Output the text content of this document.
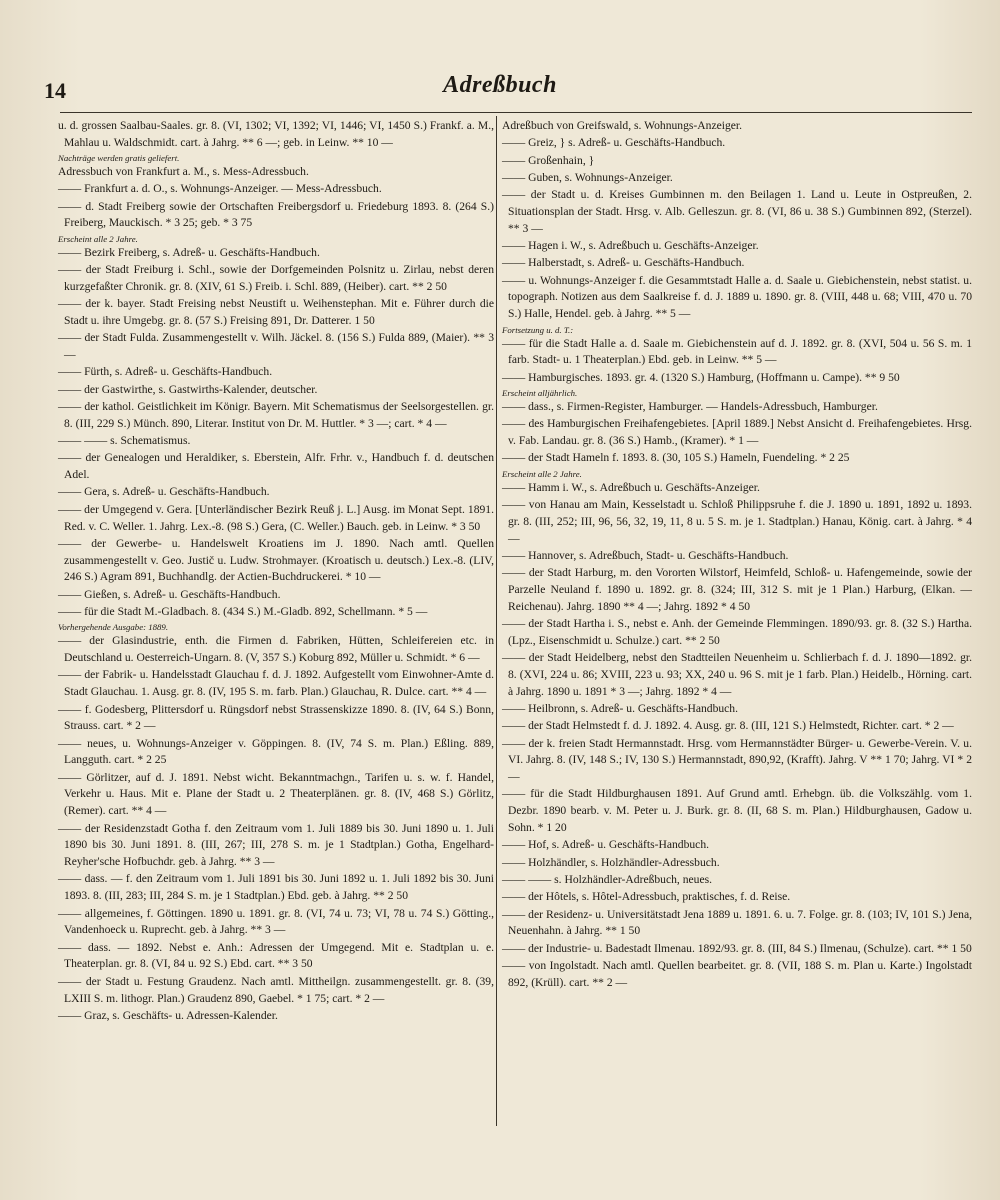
14	Adreßbuch

u. d. grossen Saalbau-Saales. gr. 8. (VI, 1302; VI, 1392; VI, 1446; VI, 1450 S.) Frankf. a. M., Mahlau u. Waldschmidt. cart. à Jahrg. ** 6 —; geb. in Leinw. ** 10 —

Nachträge werden gratis geliefert.

Adressbuch von Frankfurt a. M., s. Mess-Adressbuch.

—— Frankfurt a. d. O., s. Wohnungs-Anzeiger. — Mess-Adressbuch.

—— d. Stadt Freiberg sowie der Ortschaften Freibergsdorf u. Friedeburg 1893. 8. (264 S.) Freiberg, Mauckisch. * 3 25; geb. * 3 75

Erscheint alle 2 Jahre.

—— Bezirk Freiberg, s. Adreß- u. Geschäfts-Handbuch.

—— der Stadt Freiburg i. Schl., sowie der Dorfgemeinden Polsnitz u. Zirlau, nebst deren kurzgefaßter Chronik. gr. 8. (XIV, 61 S.) Freib. i. Schl. 889, (Heiber). cart. ** 2 50

—— der k. bayer. Stadt Freising nebst Neustift u. Weihenstephan. Mit e. Führer durch die Stadt u. ihre Umgebg. gr. 8. (57 S.) Freising 891, Dr. Datterer. 1 50

—— der Stadt Fulda. Zusammengestellt v. Wilh. Jäckel. 8. (156 S.) Fulda 889, (Maier). ** 3 —

—— Fürth, s. Adreß- u. Geschäfts-Handbuch.

—— der Gastwirthe, s. Gastwirths-Kalender, deutscher.

—— der kathol. Geistlichkeit im Königr. Bayern. Mit Schematismus der Seelsorgestellen. gr. 8. (III, 229 S.) Münch. 890, Literar. Institut von Dr. M. Huttler. * 3 —; cart. * 4 —

—— —— s. Schematismus.

—— der Genealogen und Heraldiker, s. Eberstein, Alfr. Frhr. v., Handbuch f. d. deutschen Adel.

—— Gera, s. Adreß- u. Geschäfts-Handbuch.

—— der Umgegend v. Gera. [Unterländischer Bezirk Reuß j. L.] Ausg. im Monat Sept. 1891. Red. v. C. Weller. 1. Jahrg. Lex.-8. (98 S.) Gera, (C. Weller.) Bauch. geb. in Leinw. * 3 50

—— der Gewerbe- u. Handelswelt Kroatiens im J. 1890. Nach amtl. Quellen zusammengestellt v. Geo. Justič u. Ludw. Strohmayer. (Kroatisch u. deutsch.) Lex.-8. (LIV, 246 S.) Agram 891, Buchhandlg. der Actien-Buchdruckerei. * 10 —

—— Gießen, s. Adreß- u. Geschäfts-Handbuch.

—— für die Stadt M.-Gladbach. 8. (434 S.) M.-Gladb. 892, Schellmann. * 5 —

Vorhergehende Ausgabe: 1889.

—— der Glasindustrie, enth. die Firmen d. Fabriken, Hütten, Schleifereien etc. in Deutschland u. Oesterreich-Ungarn. 8. (V, 357 S.) Koburg 892, Müller u. Schmidt. * 6 —

—— der Fabrik- u. Handelsstadt Glauchau f. d. J. 1892. Aufgestellt vom Einwohner-Amte d. Stadt Glauchau. 1. Ausg. gr. 8. (IV, 195 S. m. farb. Plan.) Glauchau, R. Dulce. cart. ** 4 —

—— f. Godesberg, Plittersdorf u. Rüngsdorf nebst Strassenskizze 1890. 8. (IV, 64 S.) Bonn, Strauss. cart. * 2 —

—— neues, u. Wohnungs-Anzeiger v. Göppingen. 8. (IV, 74 S. m. Plan.) Eßling. 889, Langguth. cart. * 2 25

—— Görlitzer, auf d. J. 1891. Nebst wicht. Bekanntmachgn., Tarifen u. s. w. f. Handel, Verkehr u. Haus. Mit e. Plane der Stadt u. 2 Theaterplänen. gr. 8. (IV, 468 S.) Görlitz, (Remer). cart. ** 4 —

—— der Residenzstadt Gotha f. den Zeitraum vom 1. Juli 1889 bis 30. Juni 1890 u. 1. Juli 1890 bis 30. Juni 1891. 8. (III, 267; III, 278 S. m. je 1 Stadtplan.) Gotha, Engelhard-Reyher'sche Hofbuchdr. geb. à Jahrg. ** 3 —

—— dass. — f. den Zeitraum vom 1. Juli 1891 bis 30. Juni 1892 u. 1. Juli 1892 bis 30. Juni 1893. 8. (III, 283; III, 284 S. m. je 1 Stadtplan.) Ebd. geb. à Jahrg. ** 2 50

—— allgemeines, f. Göttingen. 1890 u. 1891. gr. 8. (VI, 74 u. 73; VI, 78 u. 74 S.) Götting., Vandenhoeck u. Ruprecht. geb. à Jahrg. ** 3 —

—— dass. — 1892. Nebst e. Anh.: Adressen der Umgegend. Mit e. Stadtplan u. e. Theaterplan. gr. 8. (VI, 84 u. 92 S.) Ebd. cart. ** 3 50

—— der Stadt u. Festung Graudenz. Nach amtl. Mittheilgn. zusammengestellt. gr. 8. (39, LXIII S. m. lithogr. Plan.) Graudenz 890, Gaebel. * 1 75; cart. * 2 —

—— Graz, s. Geschäfts- u. Adressen-Kalender.

Adreßbuch von Greifswald, s. Wohnungs-Anzeiger.

—— Greiz, } s. Adreß- u. Geschäfts-Handbuch.

—— Großenhain, }

—— Guben, s. Wohnungs-Anzeiger.

—— der Stadt u. d. Kreises Gumbinnen m. den Beilagen 1. Land u. Leute in Ostpreußen, 2. Situationsplan der Stadt. Hrsg. v. Alb. Gelleszun. gr. 8. (VI, 86 u. 38 S.) Gumbinnen 892, (Sterzel). ** 3 —

—— Hagen i. W., s. Adreßbuch u. Geschäfts-Anzeiger.

—— Halberstadt, s. Adreß- u. Geschäfts-Handbuch.

—— u. Wohnungs-Anzeiger f. die Gesammtstadt Halle a. d. Saale u. Giebichenstein, nebst statist. u. topograph. Notizen aus dem Saalkreise f. d. J. 1889 u. 1890. gr. 8. (VIII, 448 u. 68; VIII, 470 u. 70 S.) Halle, Hendel. geb. à Jahrg. ** 5 —

Fortsetzung u. d. T.:

—— für die Stadt Halle a. d. Saale m. Giebichenstein auf d. J. 1892. gr. 8. (XVI, 504 u. 56 S. m. 1 farb. Stadt- u. 1 Theaterplan.) Ebd. geb. in Leinw. ** 5 —

—— Hamburgisches. 1893. gr. 4. (1320 S.) Hamburg, (Hoffmann u. Campe). ** 9 50

Erscheint alljährlich.

—— dass., s. Firmen-Register, Hamburger. — Handels-Adressbuch, Hamburger.

—— des Hamburgischen Freihafengebietes. [April 1889.] Nebst Ansicht d. Freihafengebietes. Hrsg. v. Fab. Landau. gr. 8. (36 S.) Hamb., (Kramer). * 1 —

—— der Stadt Hameln f. 1893. 8. (30, 105 S.) Hameln, Fuendeling. * 2 25

Erscheint alle 2 Jahre.

—— Hamm i. W., s. Adreßbuch u. Geschäfts-Anzeiger.

—— von Hanau am Main, Kesselstadt u. Schloß Philippsruhe f. die J. 1890 u. 1891, 1892 u. 1893. gr. 8. (III, 252; III, 96, 56, 32, 19, 11, 8 u. 5 S. m. je 1. Stadtplan.) Hanau, König. cart. à Jahrg. * 4 —

—— Hannover, s. Adreßbuch, Stadt- u. Geschäfts-Handbuch.

—— der Stadt Harburg, m. den Vororten Wilstorf, Heimfeld, Schloß- u. Hafengemeinde, sowie der Parzelle Neuland f. 1890 u. 1892. gr. 8. (324; III, 312 S. mit je 1 Plan.) Harburg, (Elkan. — Reichenau). Jahrg. 1890 ** 4 —; Jahrg. 1892 * 4 50

—— der Stadt Hartha i. S., nebst e. Anh. der Gemeinde Flemmingen. 1890/93. gr. 8. (32 S.) Hartha. (Lpz., Eisenschmidt u. Schulze.) cart. ** 2 50

—— der Stadt Heidelberg, nebst den Stadtteilen Neuenheim u. Schlierbach f. d. J. 1890—1892. gr. 8. (XVI, 224 u. 86; XVIII, 223 u. 93; XX, 240 u. 96 S. mit je 1 farb. Plan.) Heidelb., Hörning. cart. à Jahrg. 1890 u. 1891 * 3 —; Jahrg. 1892 * 4 —

—— Heilbronn, s. Adreß- u. Geschäfts-Handbuch.

—— der Stadt Helmstedt f. d. J. 1892. 4. Ausg. gr. 8. (III, 121 S.) Helmstedt, Richter. cart. * 2 —

—— der k. freien Stadt Hermannstadt. Hrsg. vom Hermannstädter Bürger- u. Gewerbe-Verein. V. u. VI. Jahrg. 8. (IV, 148 S.; IV, 130 S.) Hermannstadt, 890,92, (Krafft). Jahrg. V ** 1 70; Jahrg. VI * 2 —

—— für die Stadt Hildburghausen 1891. Auf Grund amtl. Erhebgn. üb. die Volkszählg. vom 1. Dezbr. 1890 bearb. v. M. Peter u. J. Burk. gr. 8. (II, 68 S. m. Plan.) Hildburghausen, Gadow u. Sohn. * 1 20

—— Hof, s. Adreß- u. Geschäfts-Handbuch.

—— Holzhändler, s. Holzhändler-Adressbuch.

—— —— s. Holzhändler-Adreßbuch, neues.

—— der Hôtels, s. Hôtel-Adressbuch, praktisches, f. d. Reise.

—— der Residenz- u. Universitätstadt Jena 1889 u. 1891. 6. u. 7. Folge. gr. 8. (103; IV, 101 S.) Jena, Neuenhahn. à Jahrg. ** 1 50

—— der Industrie- u. Badestadt Ilmenau. 1892/93. gr. 8. (III, 84 S.) Ilmenau, (Schulze). cart. ** 1 50

—— von Ingolstadt. Nach amtl. Quellen bearbeitet. gr. 8. (VII, 188 S. m. Plan u. Karte.) Ingolstadt 892, (Krüll). cart. ** 2 —
